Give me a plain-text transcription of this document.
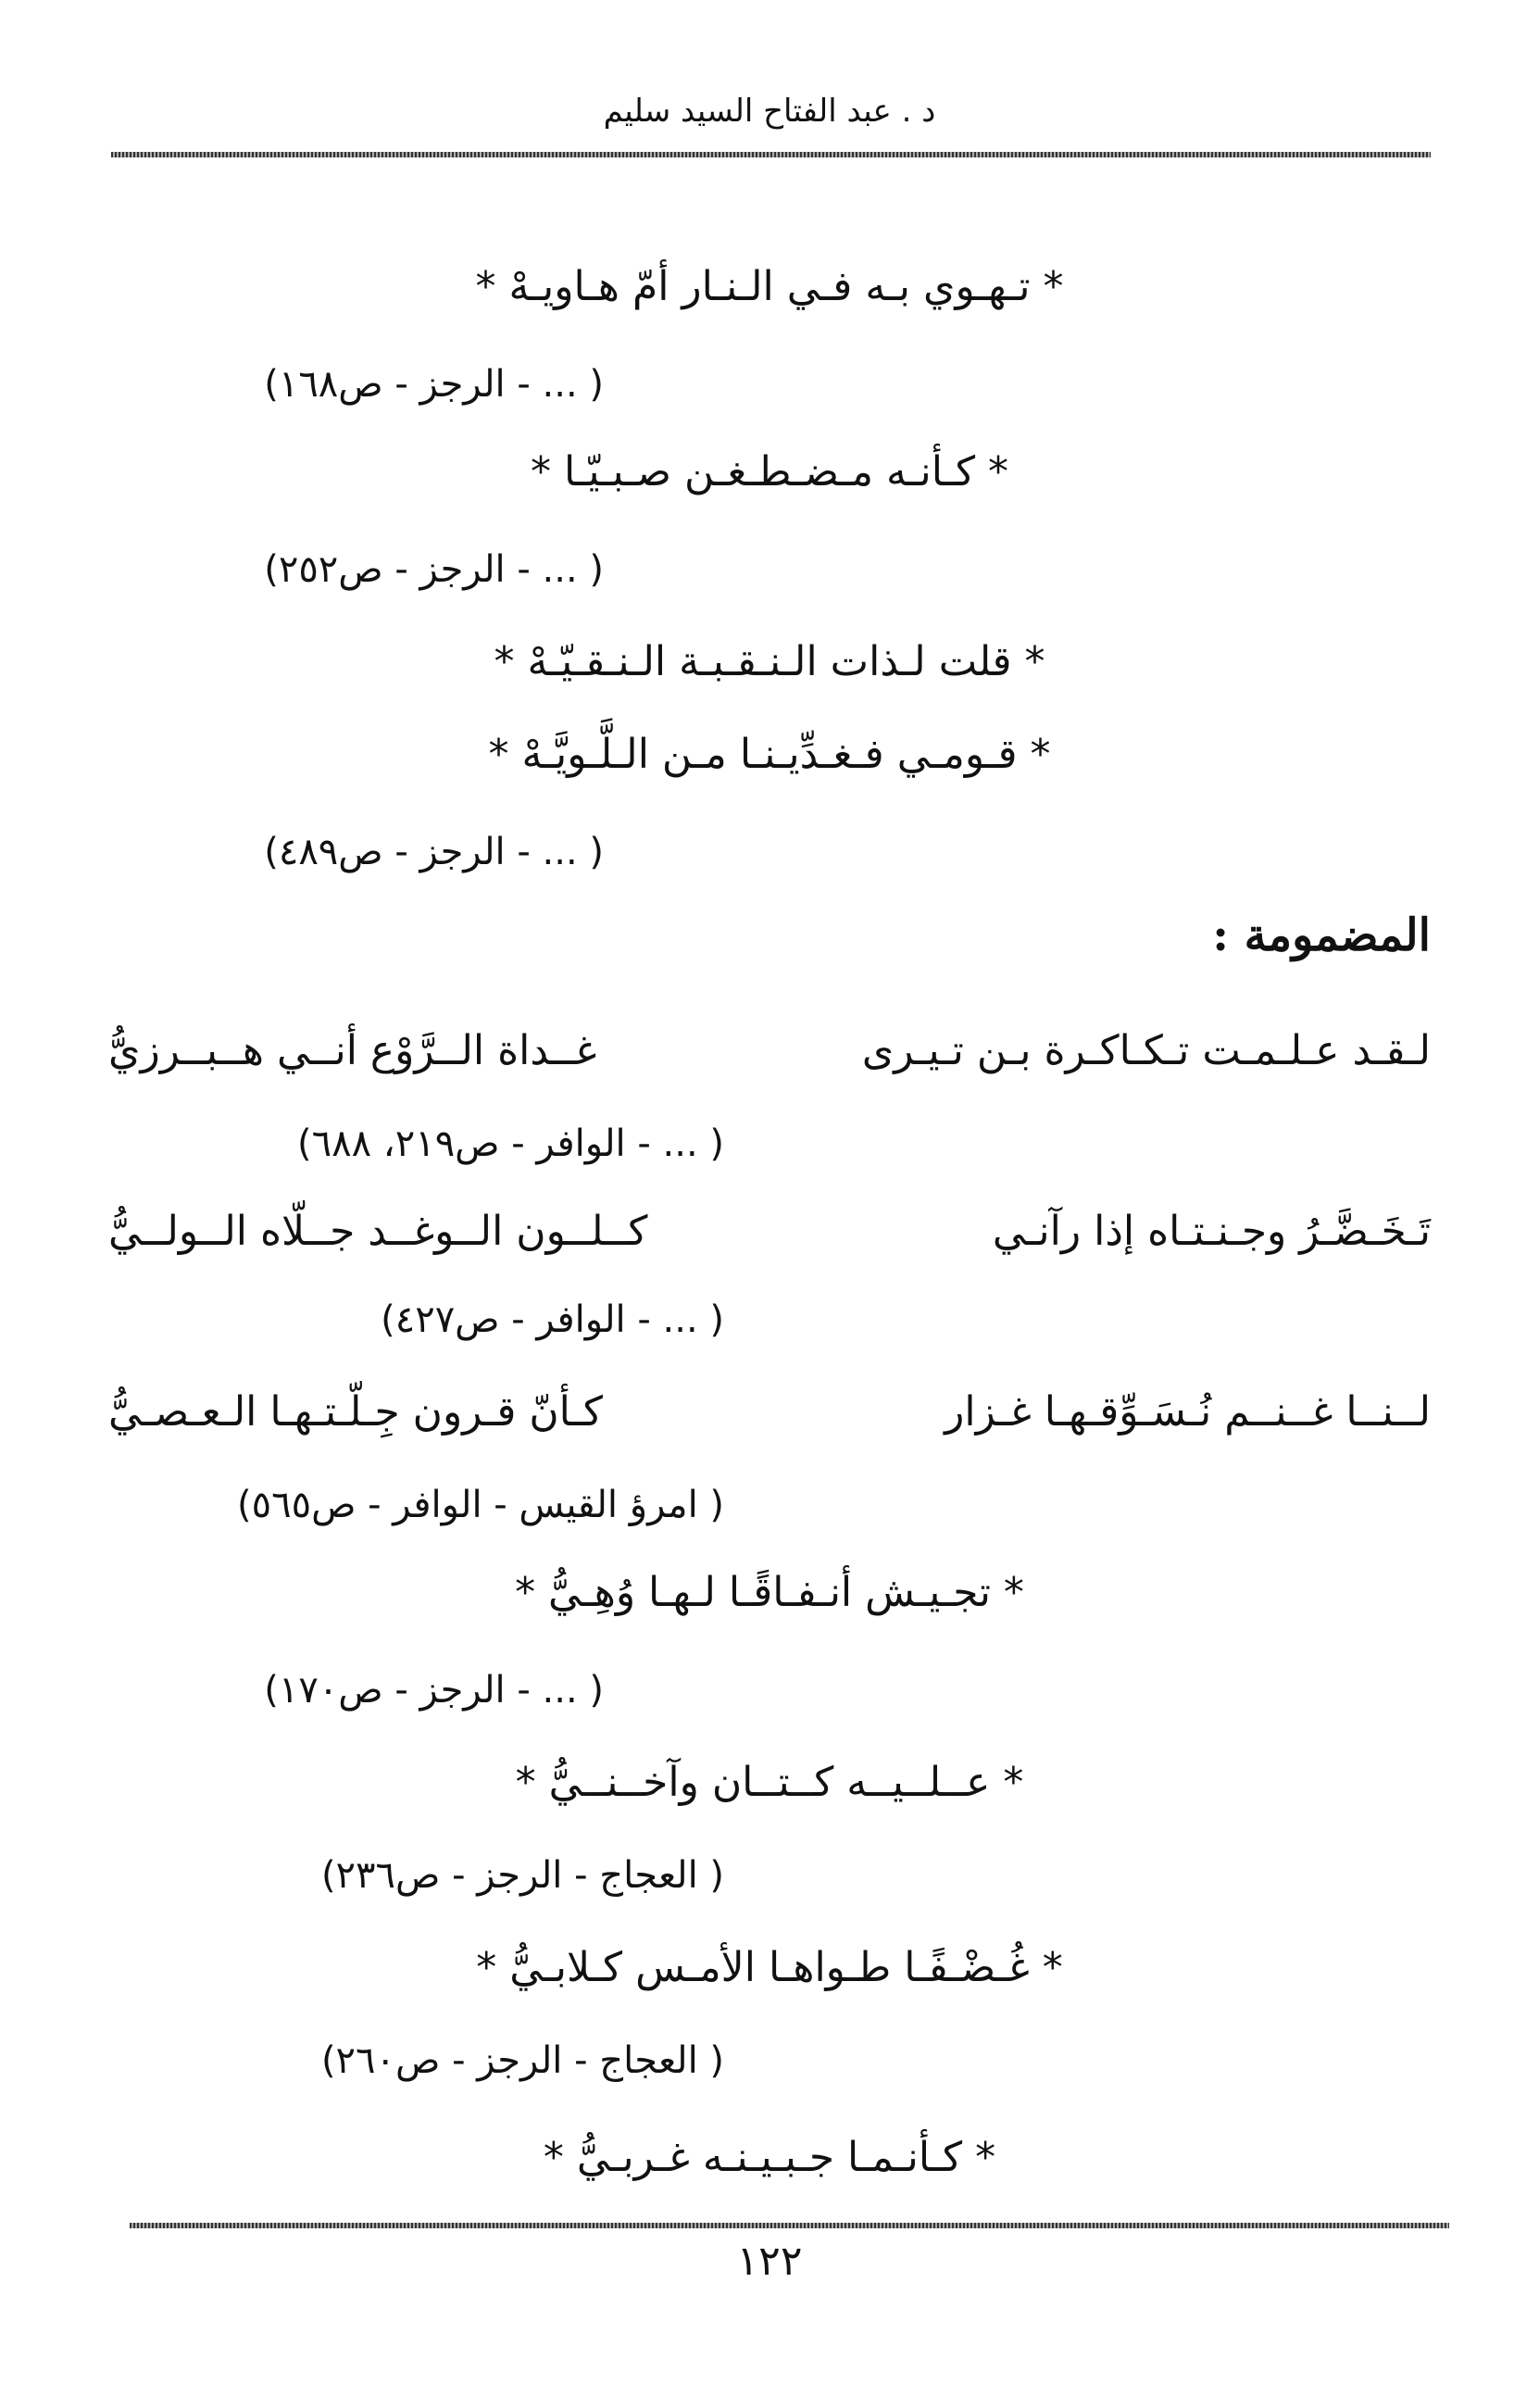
د . عبد الفتاح السيد سليم
* تـهـوي بـه فـي الـنـار أمّ هـاويـهْ *
( ... - الرجز - ص١٦٨)
* كـأنـه مـضـطـغـن صـبـيّـا *
( ... - الرجز - ص٢٥٢)
* قلت لـذات الـنـقـبـة الـنـقـيّـهْ *
* قـومـي فـغـدِّيـنـا مـن الـلَّـويَّـهْ *
( ... - الرجز - ص٤٨٩)
المضمومة :
لـقـد عـلـمـت تـكـاكـرة بـن تـيـرى
غــداة الــرَّوْع أنــي هــبــرزيُّ
( ... - الوافر - ص٢١٩، ٦٨٨)
تَـخَـضَّـرُ وجـنـتـاه إذا رآنـي
كــلــون الــوغــد جــلّاه الــولــيُّ
( ... - الوافر - ص٤٢٧)
لــنــا غــنــم نُـسَـوِّقـهـا غـزار
كـأنّ قـرون جِـلّـتـهـا الـعـصـيُّ
( امرؤ القيس - الوافر - ص٥٦٥)
* تجـيـش أنـفـاقًـا لـهـا وُهِـيُّ *
( ... - الرجز - ص١٧٠)
* عــلــيــه كــتــان وآخــنــيُّ *
( العجاج - الرجز - ص٢٣٦)
* غُـضْـفًـا طـواهـا الأمـس كـلابـيُّ *
( العجاج - الرجز - ص٢٦٠)
* كـأنـمـا جـبـيـنـه غـربـيُّ *
١٢٢
